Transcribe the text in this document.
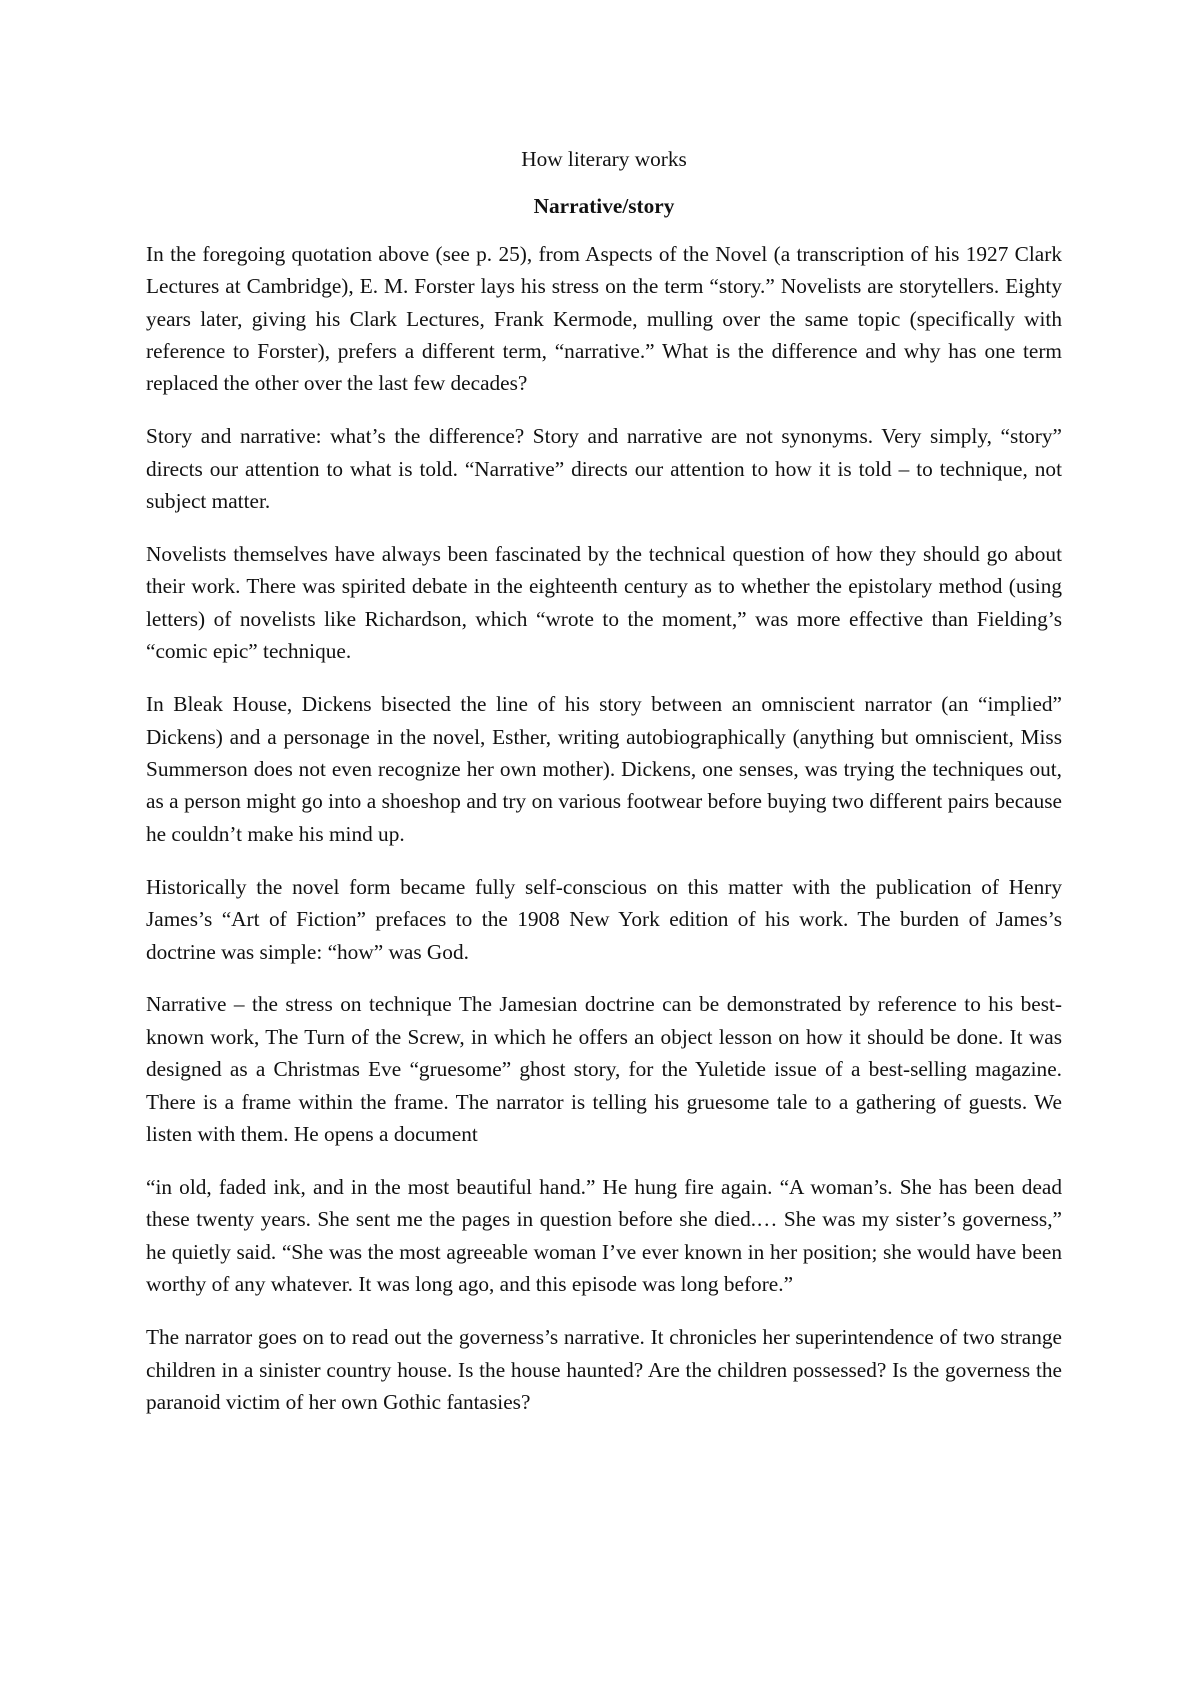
How literary works
Narrative/story

In the foregoing quotation above (see p. 25), from Aspects of the Novel (a transcription of his 1927 Clark Lectures at Cambridge), E. M. Forster lays his stress on the term “story.” Novelists are storytellers. Eighty years later, giving his Clark Lectures, Frank Kermode, mulling over the same topic (specifically with reference to Forster), prefers a different term, “narrative.” What is the difference and why has one term replaced the other over the last few decades?

Story and narrative: what’s the difference? Story and narrative are not synonyms. Very simply, “story” directs our attention to what is told. “Narrative” directs our attention to how it is told – to technique, not subject matter.

Novelists themselves have always been fascinated by the technical question of how they should go about their work. There was spirited debate in the eighteenth century as to whether the epistolary method (using letters) of novelists like Richardson, which “wrote to the moment,” was more effective than Fielding’s “comic epic” technique.

In Bleak House, Dickens bisected the line of his story between an omniscient narrator (an “implied” Dickens) and a personage in the novel, Esther, writing autobiographically (anything but omniscient, Miss Summerson does not even recognize her own mother). Dickens, one senses, was trying the techniques out, as a person might go into a shoeshop and try on various footwear before buying two different pairs because he couldn’t make his mind up.

Historically the novel form became fully self-conscious on this matter with the publication of Henry James’s “Art of Fiction” prefaces to the 1908 New York edition of his work. The burden of James’s doctrine was simple: “how” was God.

Narrative – the stress on technique The Jamesian doctrine can be demonstrated by reference to his best-known work, The Turn of the Screw, in which he offers an object lesson on how it should be done. It was designed as a Christmas Eve “gruesome” ghost story, for the Yuletide issue of a best-selling magazine. There is a frame within the frame. The narrator is telling his gruesome tale to a gathering of guests. We listen with them. He opens a document

“in old, faded ink, and in the most beautiful hand.” He hung fire again. “A woman’s. She has been dead these twenty years. She sent me the pages in question before she died.… She was my sister’s governess,” he quietly said. “She was the most agreeable woman I’ve ever known in her position; she would have been worthy of any whatever. It was long ago, and this episode was long before.”

The narrator goes on to read out the governess’s narrative. It chronicles her superintendence of two strange children in a sinister country house. Is the house haunted? Are the children possessed? Is the governess the paranoid victim of her own Gothic fantasies?
